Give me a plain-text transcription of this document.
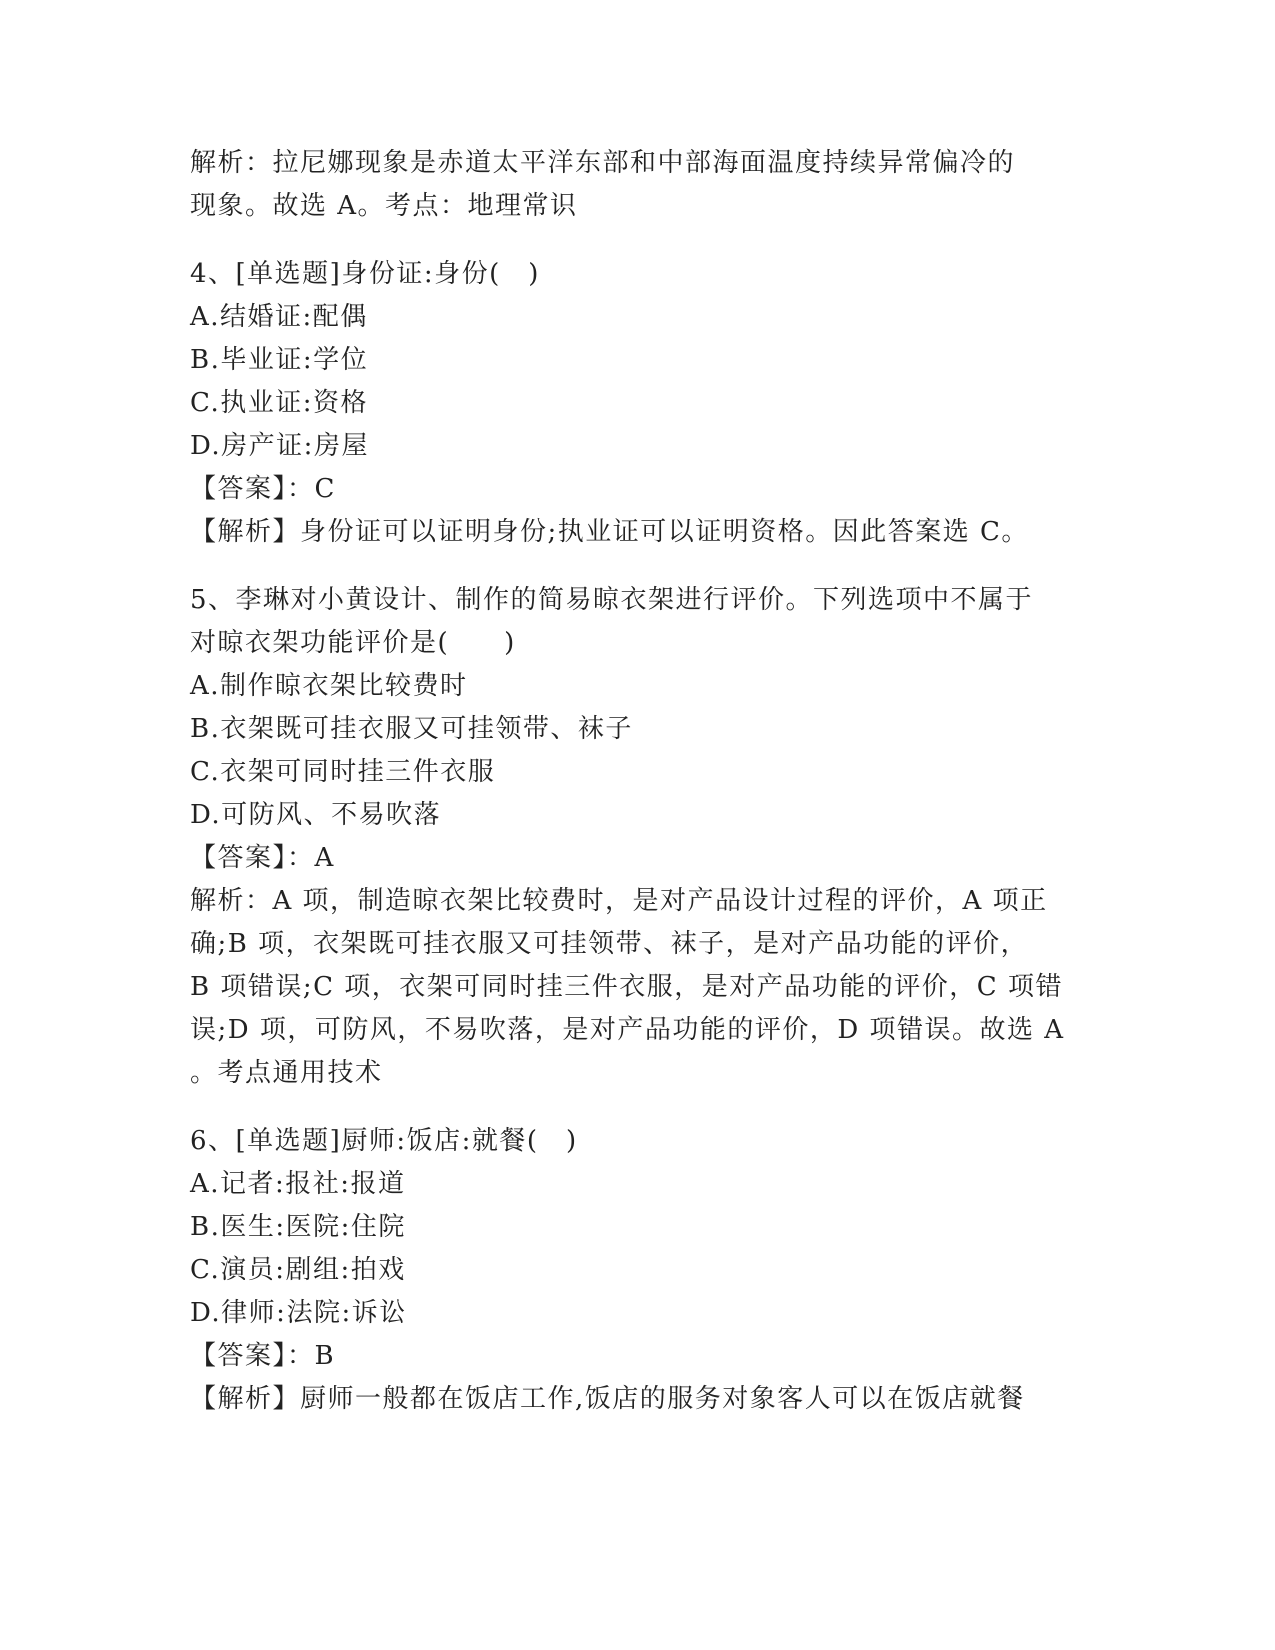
解析：拉尼娜现象是赤道太平洋东部和中部海面温度持续异常偏冷的
现象。故选 A。考点：地理常识
4、[单选题]身份证:身份(　)
A.结婚证:配偶
B.毕业证:学位
C.执业证:资格
D.房产证:房屋
【答案】：C
【解析】身份证可以证明身份;执业证可以证明资格。因此答案选 C。
5、李琳对小黄设计、制作的简易晾衣架进行评价。下列选项中不属于
对晾衣架功能评价是(　　)
A.制作晾衣架比较费时
B.衣架既可挂衣服又可挂领带、袜子
C.衣架可同时挂三件衣服
D.可防风、不易吹落
【答案】：A
解析：A 项，制造晾衣架比较费时，是对产品设计过程的评价，A 项正
确;B 项，衣架既可挂衣服又可挂领带、袜子，是对产品功能的评价，
B 项错误;C 项，衣架可同时挂三件衣服，是对产品功能的评价，C 项错
误;D 项，可防风，不易吹落，是对产品功能的评价，D 项错误。故选 A
。考点通用技术
6、[单选题]厨师:饭店:就餐(　)
A.记者:报社:报道
B.医生:医院:住院
C.演员:剧组:拍戏
D.律师:法院:诉讼
【答案】：B
【解析】厨师一般都在饭店工作,饭店的服务对象客人可以在饭店就餐
